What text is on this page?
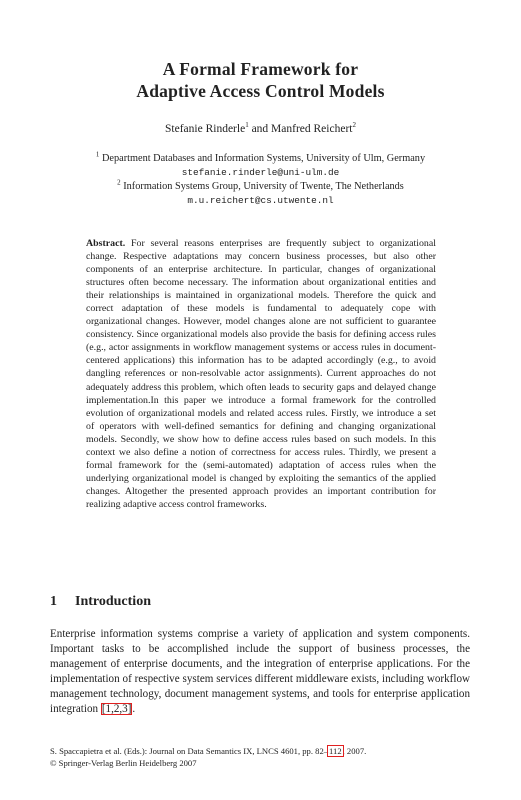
A Formal Framework for
Adaptive Access Control Models
Stefanie Rinderle$^1$ and Manfred Reichert$^2$
$^1$ Department Databases and Information Systems, University of Ulm, Germany
stefanie.rinderle@uni-ulm.de
$^2$ Information Systems Group, University of Twente, The Netherlands
m.u.reichert@cs.utwente.nl
Abstract. For several reasons enterprises are frequently subject to organizational change. Respective adaptations may concern business processes, but also other components of an enterprise architecture. In particular, changes of organizational structures often become necessary. The information about organizational entities and their relationships is maintained in organizational models. Therefore the quick and correct adaptation of these models is fundamental to adequately cope with organizational changes. However, model changes alone are not sufficient to guarantee consistency. Since organizational models also provide the basis for defining access rules (e.g., actor assignments in workflow management systems or access rules in document-centered applications) this information has to be adapted accordingly (e.g., to avoid dangling references or non-resolvable actor assignments). Current approaches do not adequately address this problem, which often leads to security gaps and delayed change implementation.In this paper we introduce a formal framework for the controlled evolution of organizational models and related access rules. Firstly, we introduce a set of operators with well-defined semantics for defining and changing organizational models. Secondly, we show how to define access rules based on such models. In this context we also define a notion of correctness for access rules. Thirdly, we present a formal framework for the (semi-automated) adaptation of access rules when the underlying organizational model is changed by exploiting the semantics of the applied changes. Altogether the presented approach provides an important contribution for realizing adaptive access control frameworks.
1 Introduction
Enterprise information systems comprise a variety of application and system components. Important tasks to be accomplished include the support of business processes, the management of enterprise documents, and the integration of enterprise applications. For the implementation of respective system services different middleware exists, including workflow management technology, document management systems, and tools for enterprise application integration [1,2,3].
S. Spaccapietra et al. (Eds.): Journal on Data Semantics IX, LNCS 4601, pp. 82–112, 2007.
© Springer-Verlag Berlin Heidelberg 2007
